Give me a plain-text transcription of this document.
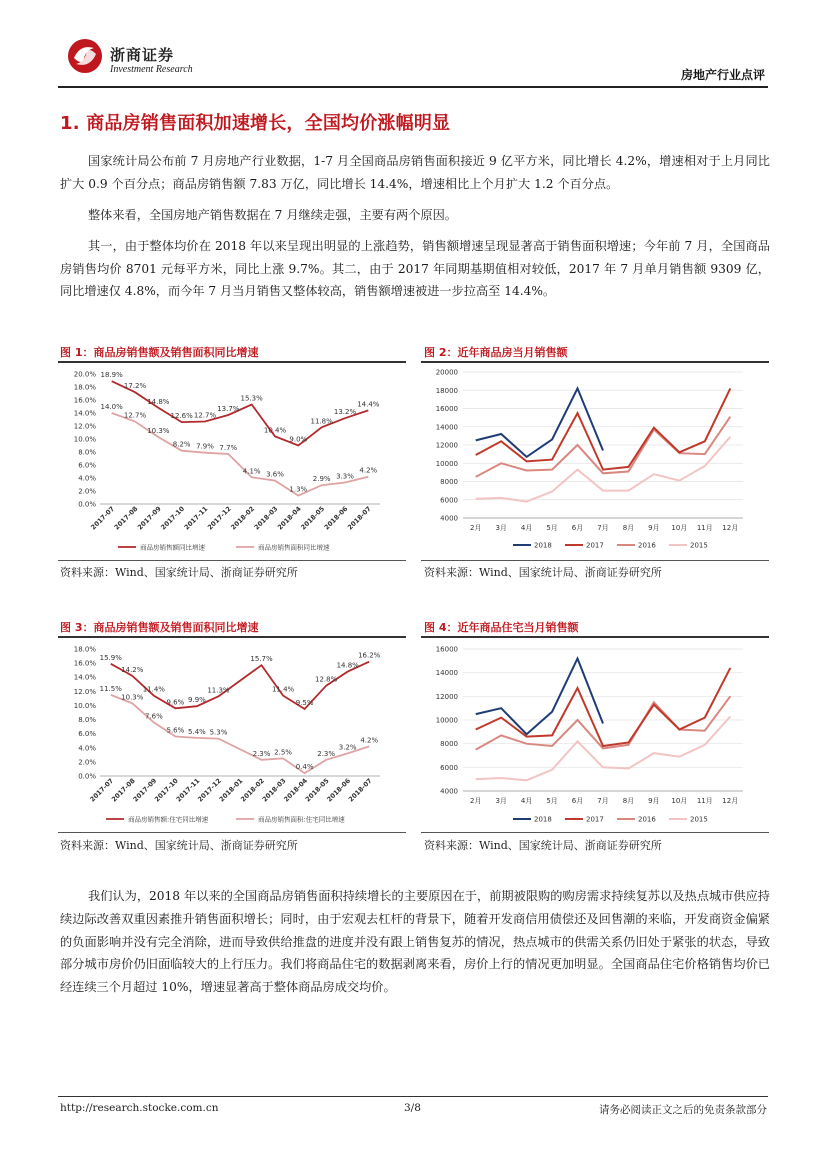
浙商证券
Investment Research	房地产行业点评
1. 商品房销售面积加速增长，全国均价涨幅明显

国家统计局公布前 7 月房地产行业数据，1-7 月全国商品房销售面积接近 9 亿平方米，同比增长 4.2%，增速相对于上月同比扩大 0.9 个百分点；商品房销售额 7.83 万亿，同比增长 14.4%，增速相比上个月扩大 1.2 个百分点。

整体来看，全国房地产销售数据在 7 月继续走强，主要有两个原因。

其一，由于整体均价在 2018 年以来呈现出明显的上涨趋势，销售额增速呈现显著高于销售面积增速；今年前 7 月，全国商品房销售均价 8701 元每平方米，同比上涨 9.7%。其二，由于 2017 年同期基期值相对较低，2017 年 7 月单月销售额 9309 亿，同比增速仅 4.8%，而今年 7 月当月销售又整体较高，销售额增速被进一步拉高至 14.4%。

图 1：商品房销售额及销售面积同比增速
0.0%
2.0%
4.0%
6.0%
8.0%
10.0%
12.0%
14.0%
16.0%
18.0%
20.0%
2017-07
2017-08
2017-09
2017-10
2017-11
2017-12
2018-02
2018-03
2018-04
2018-05
2018-06
2018-07
18.9%
17.2%
14.8%
12.6% 12.7%
13.7%
15.3%
10.4%
9.0%
11.8%
13.2%
14.4%
14.0%
12.7%
10.3%
8.2% 7.9% 7.7%
4.1% 3.6%
1.3%
2.9% 3.3%
4.2%
商品房销售额同比增速	商品房销售面积同比增速
资料来源：Wind、国家统计局、浙商证券研究所
图 2：近年商品房当月销售额
4000
6000
8000
10000
12000
14000
16000
18000
20000
2月 3月 4月 5月 6月 7月 8月 9月 10月 11月 12月
2018	2017	2016	2015
资料来源：Wind、国家统计局、浙商证券研究所
图 3：商品房销售额及销售面积同比增速
0.0%
2.0%
4.0%
6.0%
8.0%
10.0%
12.0%
14.0%
16.0%
18.0%
2017-07
2017-08
2017-09
2017-10
2017-11
2017-12
2018-01
2018-02
2018-03
2018-04
2018-05
2018-06
2018-07
15.9%
14.2%
11.4%
9.6% 9.9%
11.3%
15.7%
11.4%
9.5%
12.8%
14.8%
16.2%
11.5%
10.3%
7.6%
5.6% 5.4% 5.3%
2.3% 2.5%
0.4%
2.3%
3.2%
4.2%
商品房销售额:住宅同比增速	商品房销售面积:住宅同比增速
资料来源：Wind、国家统计局、浙商证券研究所
图 4：近年商品住宅当月销售额
4000
6000
8000
10000
12000
14000
16000
2月 3月 4月 5月 6月 7月 8月 9月 10月 11月 12月
2018	2017	2016	2015
资料来源：Wind、国家统计局、浙商证券研究所

我们认为，2018 年以来的全国商品房销售面积持续增长的主要原因在于，前期被限购的购房需求持续复苏以及热点城市供应持续边际改善双重因素推升销售面积增长；同时，由于宏观去杠杆的背景下，随着开发商信用债偿还及回售潮的来临，开发商资金偏紧的负面影响并没有完全消除，进而导致供给推盘的进度并没有跟上销售复苏的情况，热点城市的供需关系仍旧处于紧张的状态，导致部分城市房价仍旧面临较大的上行压力。我们将商品住宅的数据剥离来看，房价上行的情况更加明显。全国商品住宅价格销售均价已经连续三个月超过 10%，增速显著高于整体商品房成交均价。

http://research.stocke.com.cn	3/8	请务必阅读正文之后的免责条款部分
